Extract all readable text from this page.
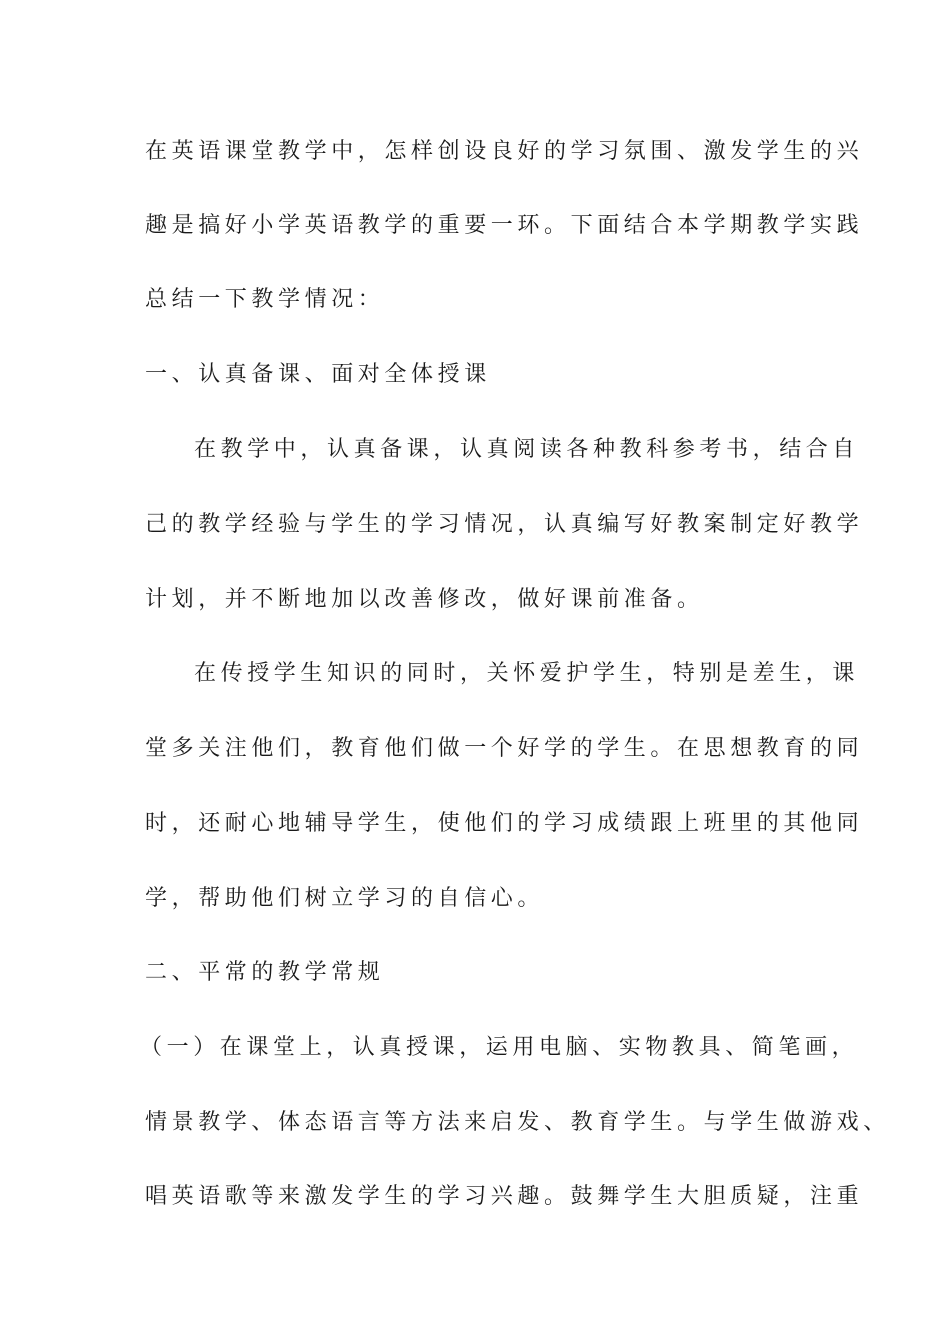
在英语课堂教学中，怎样创设良好的学习氛围、激发学生的兴
趣是搞好小学英语教学的重要一环。下面结合本学期教学实践
总结一下教学情况：
一、认真备课、面对全体授课
在教学中，认真备课，认真阅读各种教科参考书，结合自
己的教学经验与学生的学习情况，认真编写好教案制定好教学
计划，并不断地加以改善修改，做好课前准备。
在传授学生知识的同时，关怀爱护学生，特别是差生，课
堂多关注他们，教育他们做一个好学的学生。在思想教育的同
时，还耐心地辅导学生，使他们的学习成绩跟上班里的其他同
学，帮助他们树立学习的自信心。
二、平常的教学常规
（一）在课堂上，认真授课，运用电脑、实物教具、简笔画，
情景教学、体态语言等方法来启发、教育学生。与学生做游戏、
唱英语歌等来激发学生的学习兴趣。鼓舞学生大胆质疑，注重
